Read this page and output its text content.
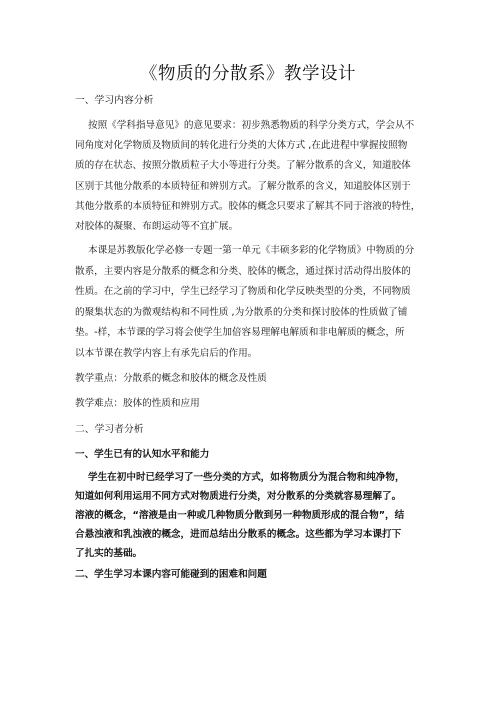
《物质的分散系》教学设计
一、学习内容分析
按照《学科指导意见》的意见要求：初步熟悉物质的科学分类方式，学会从不
同角度对化学物质及物质间的转化进行分类的大体方式 ,在此进程中掌握按照物
质的存在状态、按照分散质粒子大小等进行分类。了解分散系的含义，知道胶体
区别于其他分散系的本质特征和辨别方式。了解分散系的含义，知道胶体区别于
其他分散系的本质特征和辨别方式。胶体的概念只要求了解其不同于溶液的特性，
对胶体的凝聚、布朗运动等不宜扩展。
本课是苏教版化学必修一专题一第一单元《丰硕多彩的化学物质》中物质的分
散系，主要内容是分散系的概念和分类、胶体的概念，通过探讨活动得出胶体的
性质。在之前的学习中，学生已经学习了物质和化学反映类型的分类，不同物质
的聚集状态的为微观结构和不同性质 ,为分散系的分类和探讨胶体的性质做了铺
垫。-样，本节课的学习将会使学生加倍容易理解电解质和非电解质的概念，所
以本节课在教学内容上有承先启后的作用。
教学重点：分散系的概念和胶体的概念及性质
教学难点：胶体的性质和应用
二、学习者分析
一、学生已有的认知水平和能力
学生在初中时已经学习了一些分类的方式，如将物质分为混合物和纯净物，
知道如何利用运用不同方式对物质进行分类，对分散系的分类就容易理解了。
溶液的概念，“溶液是由一种或几种物质分散到另一种物质形成的混合物”，结
合悬浊液和乳浊液的概念，进而总结出分散系的概念。这些都为学习本课打下
了扎实的基础。
二、学生学习本课内容可能碰到的困难和问题
